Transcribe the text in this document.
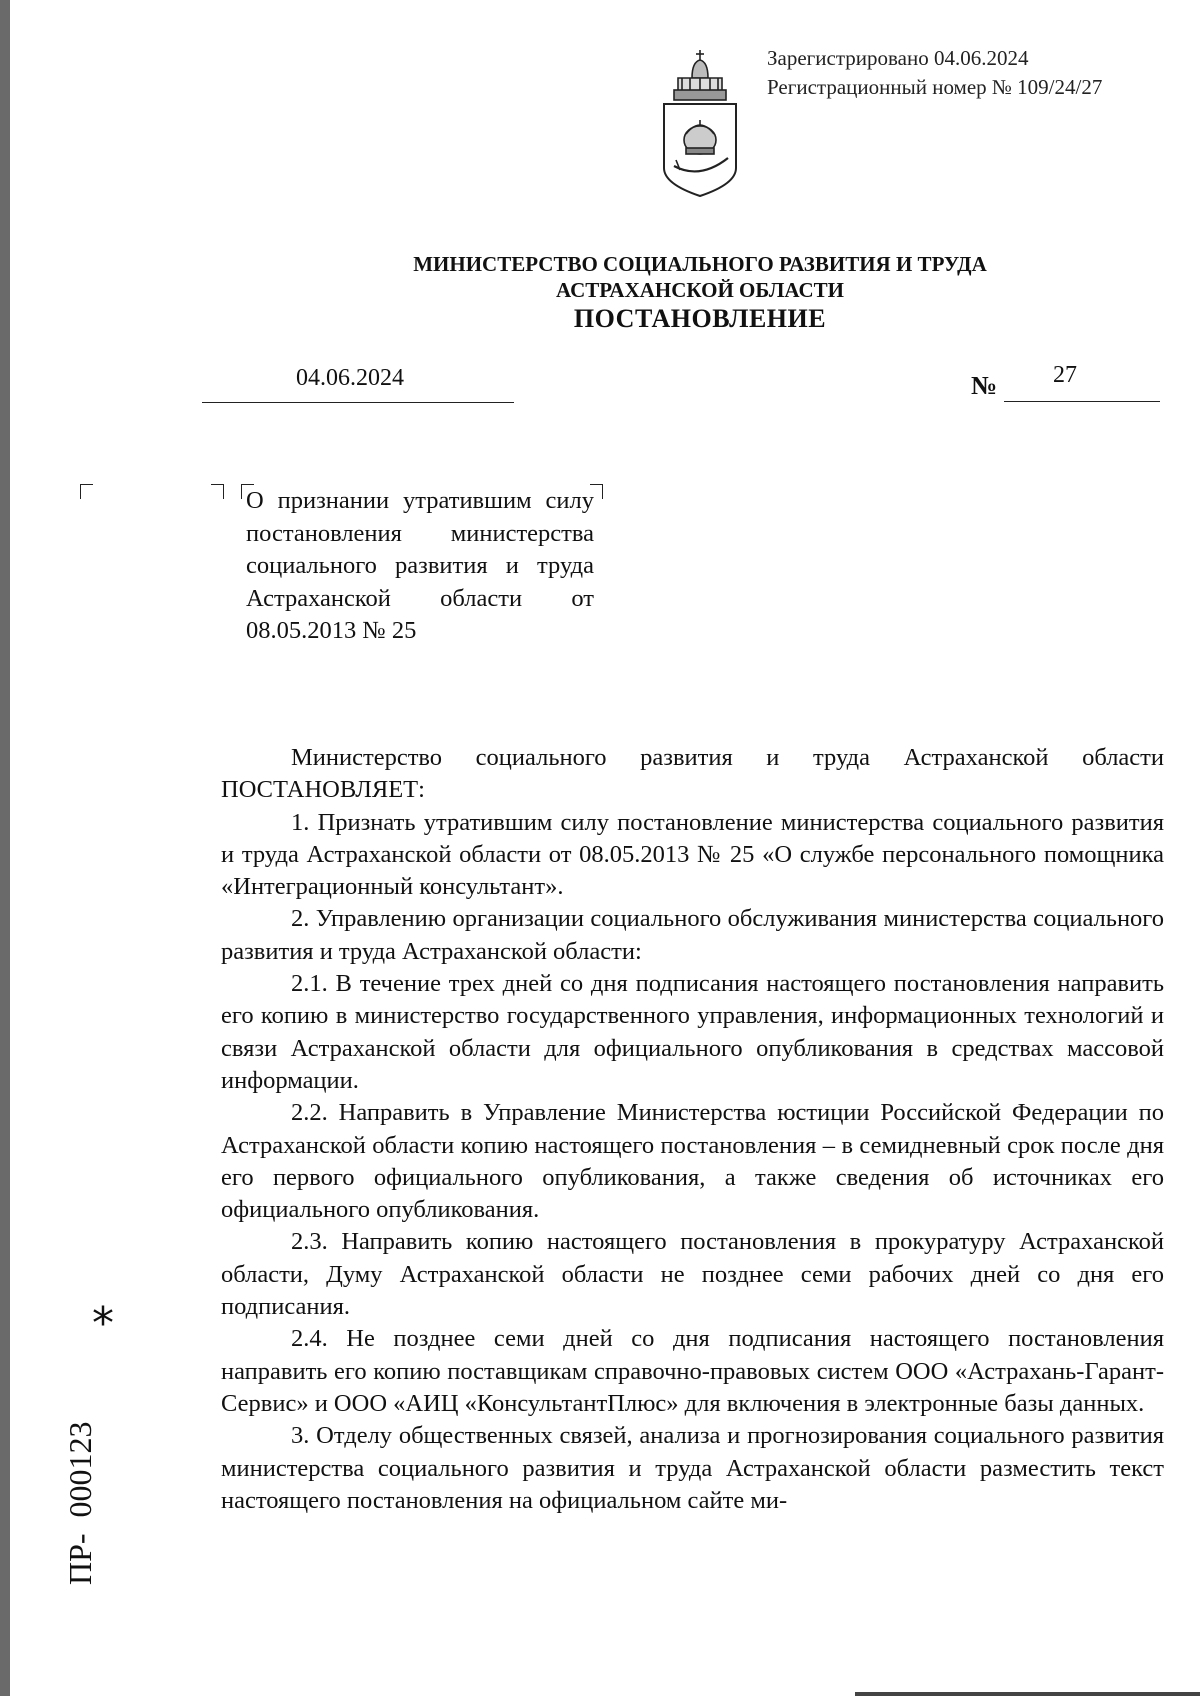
Зарегистрировано 04.06.2024
Регистрационный номер № 109/24/27
МИНИСТЕРСТВО СОЦИАЛЬНОГО РАЗВИТИЯ И ТРУДА
АСТРАХАНСКОЙ ОБЛАСТИ
ПОСТАНОВЛЕНИЕ
04.06.2024	№ 27
О признании утратившим силу постановления министерства социального развития и труда Астраханской области от 08.05.2013 № 25

Министерство социального развития и труда Астраханской области ПОСТАНОВЛЯЕТ:

1. Признать утратившим силу постановление министерства социального развития и труда Астраханской области от 08.05.2013 № 25 «О службе персонального помощника «Интеграционный консультант».

2. Управлению организации социального обслуживания министерства социального развития и труда Астраханской области:

2.1. В течение трех дней со дня подписания настоящего постановления направить его копию в министерство государственного управления, информационных технологий и связи Астраханской области для официального опубликования в средствах массовой информации.

2.2. Направить в Управление Министерства юстиции Российской Федерации по Астраханской области копию настоящего постановления – в семидневный срок после дня его первого официального опубликования, а также сведения об источниках его официального опубликования.

2.3. Направить копию настоящего постановления в прокуратуру Астраханской области, Думу Астраханской области не позднее семи рабочих дней со дня его подписания.

2.4. Не позднее семи дней со дня подписания настоящего постановления направить его копию поставщикам справочно-правовых систем ООО «Астрахань-Гарант-Сервис» и ООО «АИЦ «КонсультантПлюс» для включения в электронные базы данных.

3. Отделу общественных связей, анализа и прогнозирования социального развития министерства социального развития и труда Астраханской области разместить текст настоящего постановления на официальном сайте ми-

*
ПР-  000123
